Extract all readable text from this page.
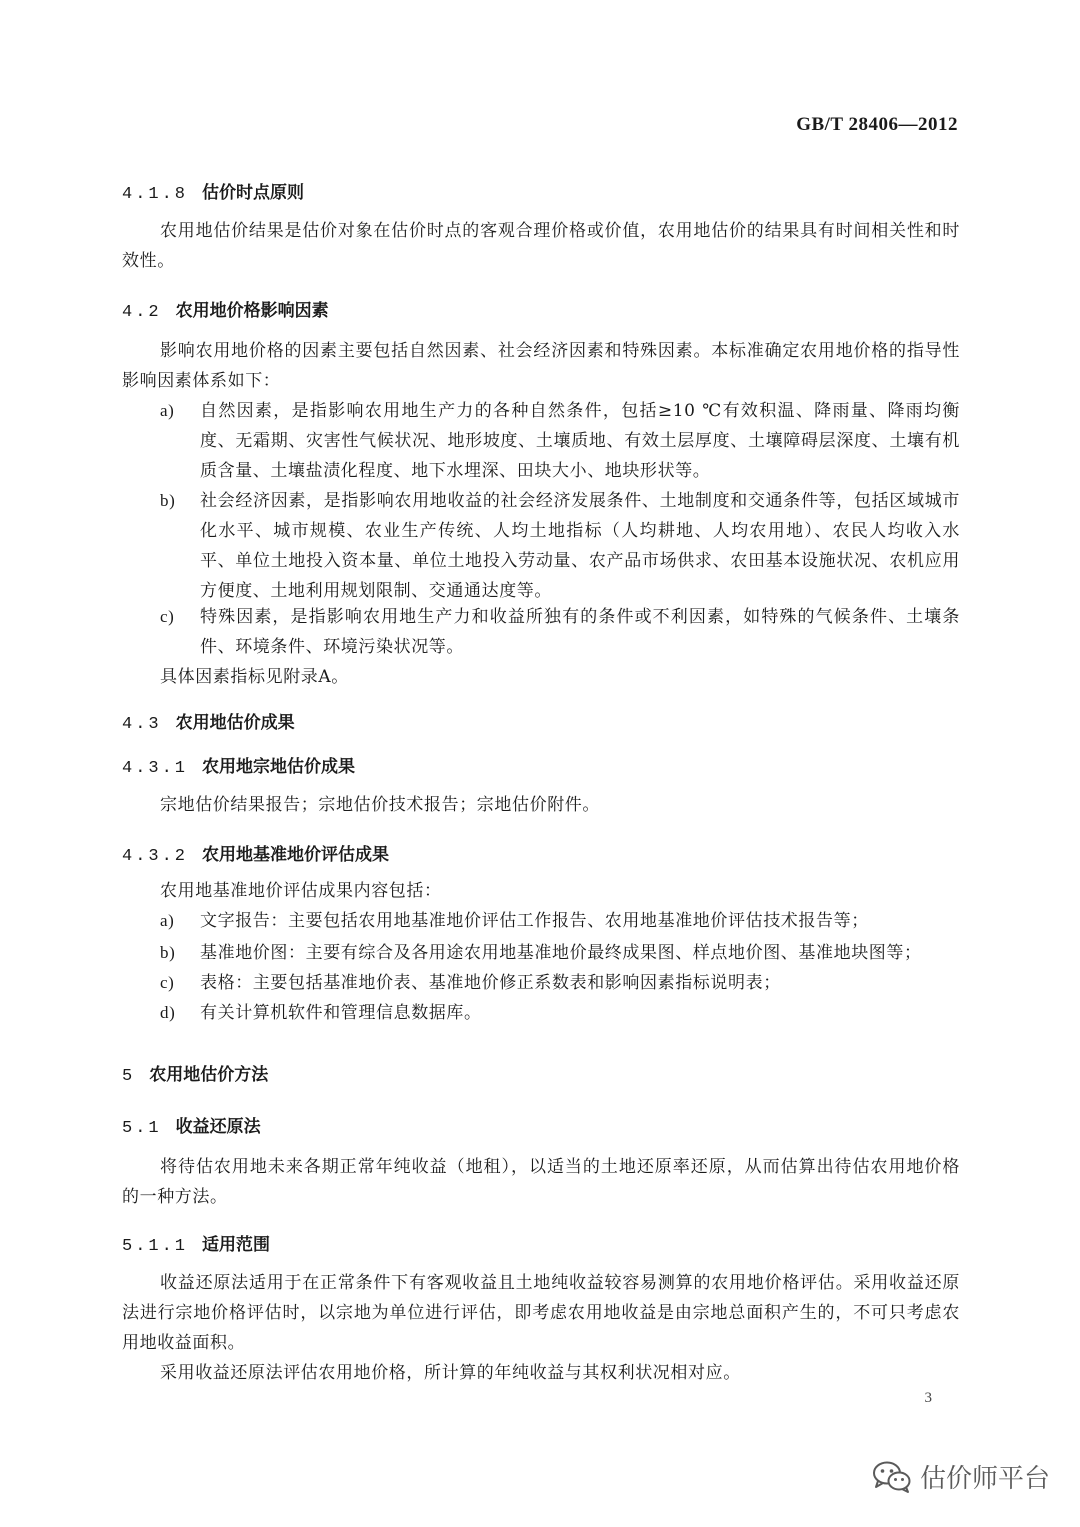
GB/T 28406—2012
4.1.8 估价时点原则
农用地估价结果是估价对象在估价时点的客观合理价格或价值，农用地估价的结果具有时间相关性和时效性。
4.2 农用地价格影响因素
影响农用地价格的因素主要包括自然因素、社会经济因素和特殊因素。本标准确定农用地价格的指导性影响因素体系如下：
a)	自然因素，是指影响农用地生产力的各种自然条件，包括≥10 ℃有效积温、降雨量、降雨均衡度、无霜期、灾害性气候状况、地形坡度、土壤质地、有效土层厚度、土壤障碍层深度、土壤有机质含量、土壤盐渍化程度、地下水埋深、田块大小、地块形状等。
b)	社会经济因素，是指影响农用地收益的社会经济发展条件、土地制度和交通条件等，包括区域城市化水平、城市规模、农业生产传统、人均土地指标（人均耕地、人均农用地）、农民人均收入水平、单位土地投入资本量、单位土地投入劳动量、农产品市场供求、农田基本设施状况、农机应用方便度、土地利用规划限制、交通通达度等。
c)	特殊因素，是指影响农用地生产力和收益所独有的条件或不利因素，如特殊的气候条件、土壤条件、环境条件、环境污染状况等。
具体因素指标见附录A。
4.3 农用地估价成果
4.3.1 农用地宗地估价成果
宗地估价结果报告；宗地估价技术报告；宗地估价附件。
4.3.2 农用地基准地价评估成果
农用地基准地价评估成果内容包括：
a)	文字报告：主要包括农用地基准地价评估工作报告、农用地基准地价评估技术报告等；
b)	基准地价图：主要有综合及各用途农用地基准地价最终成果图、样点地价图、基准地块图等；
c)	表格：主要包括基准地价表、基准地价修正系数表和影响因素指标说明表；
d)	有关计算机软件和管理信息数据库。
5 农用地估价方法
5.1 收益还原法
将待估农用地未来各期正常年纯收益（地租），以适当的土地还原率还原，从而估算出待估农用地价格的一种方法。
5.1.1 适用范围
收益还原法适用于在正常条件下有客观收益且土地纯收益较容易测算的农用地价格评估。采用收益还原法进行宗地价格评估时，以宗地为单位进行评估，即考虑农用地收益是由宗地总面积产生的，不可只考虑农用地收益面积。
采用收益还原法评估农用地价格，所计算的年纯收益与其权利状况相对应。
3
估价师平台
